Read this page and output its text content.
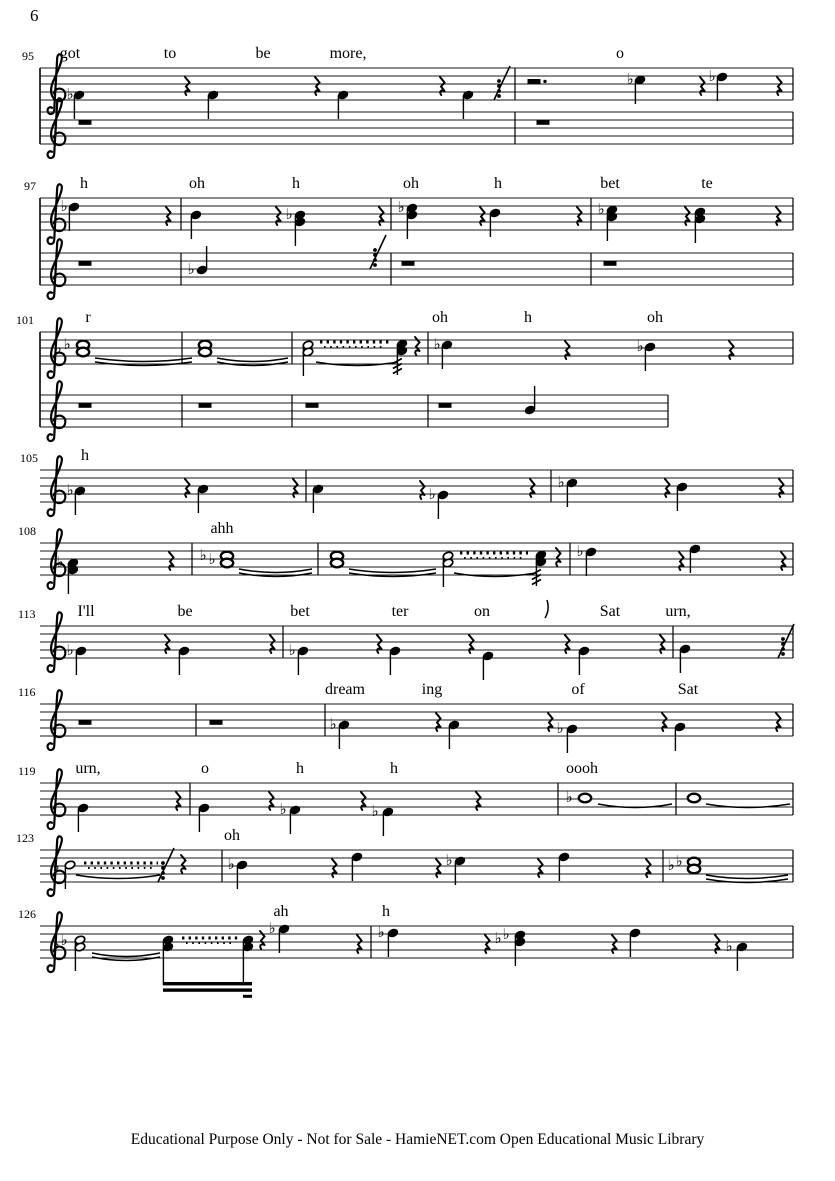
6
95 got	to	be	more,	o
♭
♭	♭
97	h	oh	h	oh	h	bet	te
♭	♭	♭	♭
♭
101	r	oh	h	oh
♭ ♭	♭	♭
105	h
♭	♭
♭
108	ahh
♭	♭ ♭	♭
113	I'll	be	bet	ter	on	Sat	urn,
♭	♭
116	dream	ing	of	Sat
♭	♭
119 urn,	o	h	h	oooh
♭	♭
♭
123	oh
♭	♭	♭	♭ ♭
126	ah	h
♭ ♭
♭	♭	♭ ♭
♭
Educational Purpose Only - Not for Sale - HamieNET.com Open Educational Music Library
